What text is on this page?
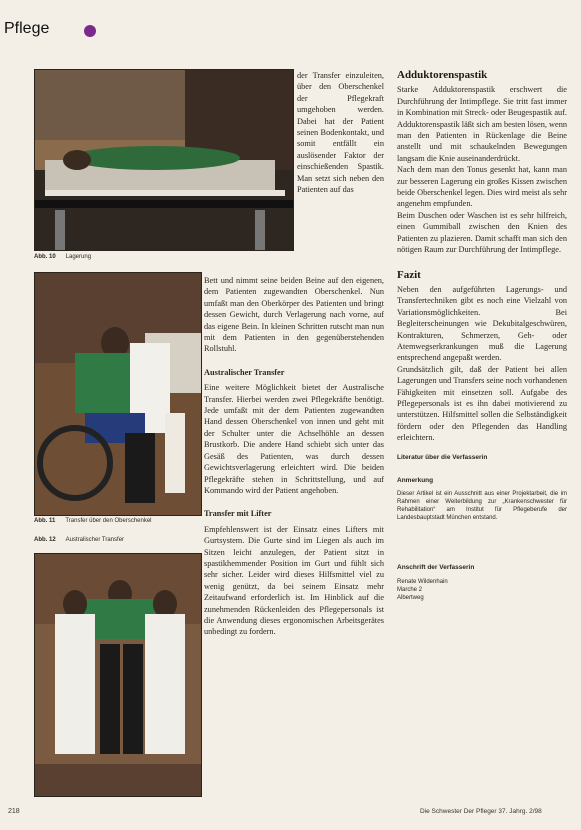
Pflege
Abb. 10 Lagerung
Abb. 11 Transfer über den Oberschenkel
Abb. 12 Australischer Transfer

der Transfer einzuleiten, über den Oberschenkel der Pflegekraft umgehoben werden. Dabei hat der Patient seinen Bodenkontakt, und somit entfällt ein auslösender Faktor der einschießenden Spastik. Man setzt sich neben den Patienten auf das

Bett und nimmt seine beiden Beine auf den eigenen, dem Patienten zugewandten Oberschenkel. Nun umfaßt man den Oberkörper des Patienten und bringt dessen Gewicht, durch Verlagerung nach vorne, auf das eigene Bein. In kleinen Schritten rutscht man nun mit dem Patienten in den gegenüberstehenden Rollstuhl.

Australischer Transfer

Eine weitere Möglichkeit bietet der Australische Transfer. Hierbei werden zwei Pflegekräfte benötigt. Jede umfaßt mit der dem Patienten zugewandten Hand dessen Oberschenkel von innen und geht mit der Schulter unter die Achselhöhle an dessen Brustkorb. Die andere Hand schiebt sich unter das Gesäß des Patienten, was durch dessen Gewichtsverlagerung erleichtert wird. Die beiden Pflegekräfte stehen in Schrittstellung, und auf Kommando wird der Patient angehoben.

Transfer mit Lifter

Empfehlenswert ist der Einsatz eines Lifters mit Gurtsystem. Die Gurte sind im Liegen als auch im Sitzen leicht anzulegen, der Patient sitzt in spastikhemmender Position im Gurt und fühlt sich sehr sicher. Leider wird dieses Hilfsmittel viel zu wenig genützt, da bei seinem Einsatz mehr Zeitaufwand erforderlich ist. Im Hinblick auf die zunehmenden Rückenleiden des Pflegepersonals ist die Anwendung dieses ergonomischen Arbeitsgerätes unbedingt zu fordern.

Adduktorenspastik

Starke Adduktorenspastik erschwert die Durchführung der Intimpflege. Sie tritt fast immer in Kombination mit Streck- oder Beugespastik auf. Adduktorenspastik läßt sich am besten lösen, wenn man den Patienten in Rückenlage die Beine anstellt und mit schaukelnden Bewegungen langsam die Knie auseinanderdrückt.

Nach dem man den Tonus gesenkt hat, kann man zur besseren Lagerung ein großes Kissen zwischen beide Oberschenkel legen. Dies wird meist als sehr angenehm empfunden.

Beim Duschen oder Waschen ist es sehr hilfreich, einen Gummiball zwischen den Knien des Patienten zu plazieren. Damit schafft man sich den nötigen Raum zur Durchführung der Intimpflege.

Fazit

Neben den aufgeführten Lagerungs- und Transfertechniken gibt es noch eine Vielzahl von Variationsmöglichkeiten. Bei Begleiterscheinungen wie Dekubitalgeschwüren, Kontrakturen, Schmerzen, Geh- oder Atemwegserkrankungen muß die Lagerung entsprechend angepaßt werden.

Grundsätzlich gilt, daß der Patient bei allen Lagerungen und Transfers seine noch vorhandenen Fähigkeiten mit einsetzen soll. Aufgabe des Pflegepersonals ist es ihn dabei motivierend zu unterstützen. Hilfsmittel sollen die Selbständigkeit fördern oder den Pflegenden das Handling erleichtern.

Literatur über die Verfasserin

Anmerkung

Dieser Artikel ist ein Ausschnitt aus einer Projektarbeit, die im Rahmen einer Weiterbildung zur „Krankenschwester für Rehabilitation“ am Institut für Pflegeberufe der Landesbauptstadt München entstand.

Anschrift der Verfasserin

Renate Wildenhain

Marche 2

Albertweg

218	Die Schwester Der Pfleger 37. Jahrg. 2/98
